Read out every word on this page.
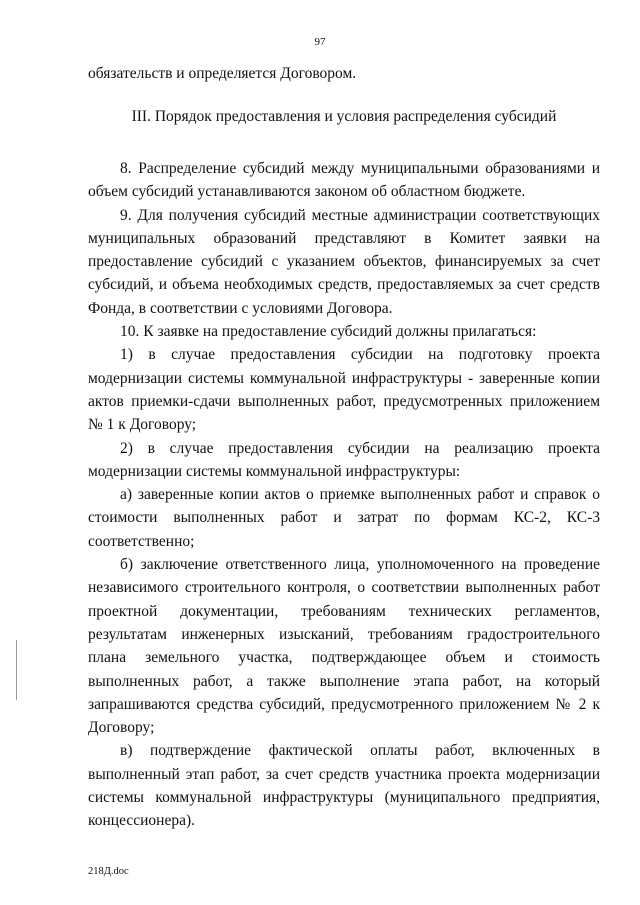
97

обязательств и определяется Договором.

III. Порядок предоставления и условия распределения субсидий

8. Распределение субсидий между муниципальными образованиями и объем субсидий устанавливаются законом об областном бюджете.

9. Для получения субсидий местные администрации соответствующих муниципальных образований представляют в Комитет заявки на предоставление субсидий с указанием объектов, финансируемых за счет субсидий, и объема необходимых средств, предоставляемых за счет средств Фонда, в соответствии с условиями Договора.

10. К заявке на предоставление субсидий должны прилагаться:

1) в случае предоставления субсидии на подготовку проекта модернизации системы коммунальной инфраструктуры - заверенные копии актов приемки-сдачи выполненных работ, предусмотренных приложением № 1 к Договору;

2) в случае предоставления субсидии на реализацию проекта модернизации системы коммунальной инфраструктуры:

а) заверенные копии актов о приемке выполненных работ и справок о стоимости выполненных работ и затрат по формам КС-2, КС-3 соответственно;

б) заключение ответственного лица, уполномоченного на проведение независимого строительного контроля, о соответствии выполненных работ проектной документации, требованиям технических регламентов, результатам инженерных изысканий, требованиям градостроительного плана земельного участка, подтверждающее объем и стоимость выполненных работ, а также выполнение этапа работ, на который запрашиваются средства субсидий, предусмотренного приложением № 2 к Договору;

в) подтверждение фактической оплаты работ, включенных в выполненный этап работ, за счет средств участника проекта модернизации системы коммунальной инфраструктуры (муниципального предприятия, концессионера).

218Д.doc
